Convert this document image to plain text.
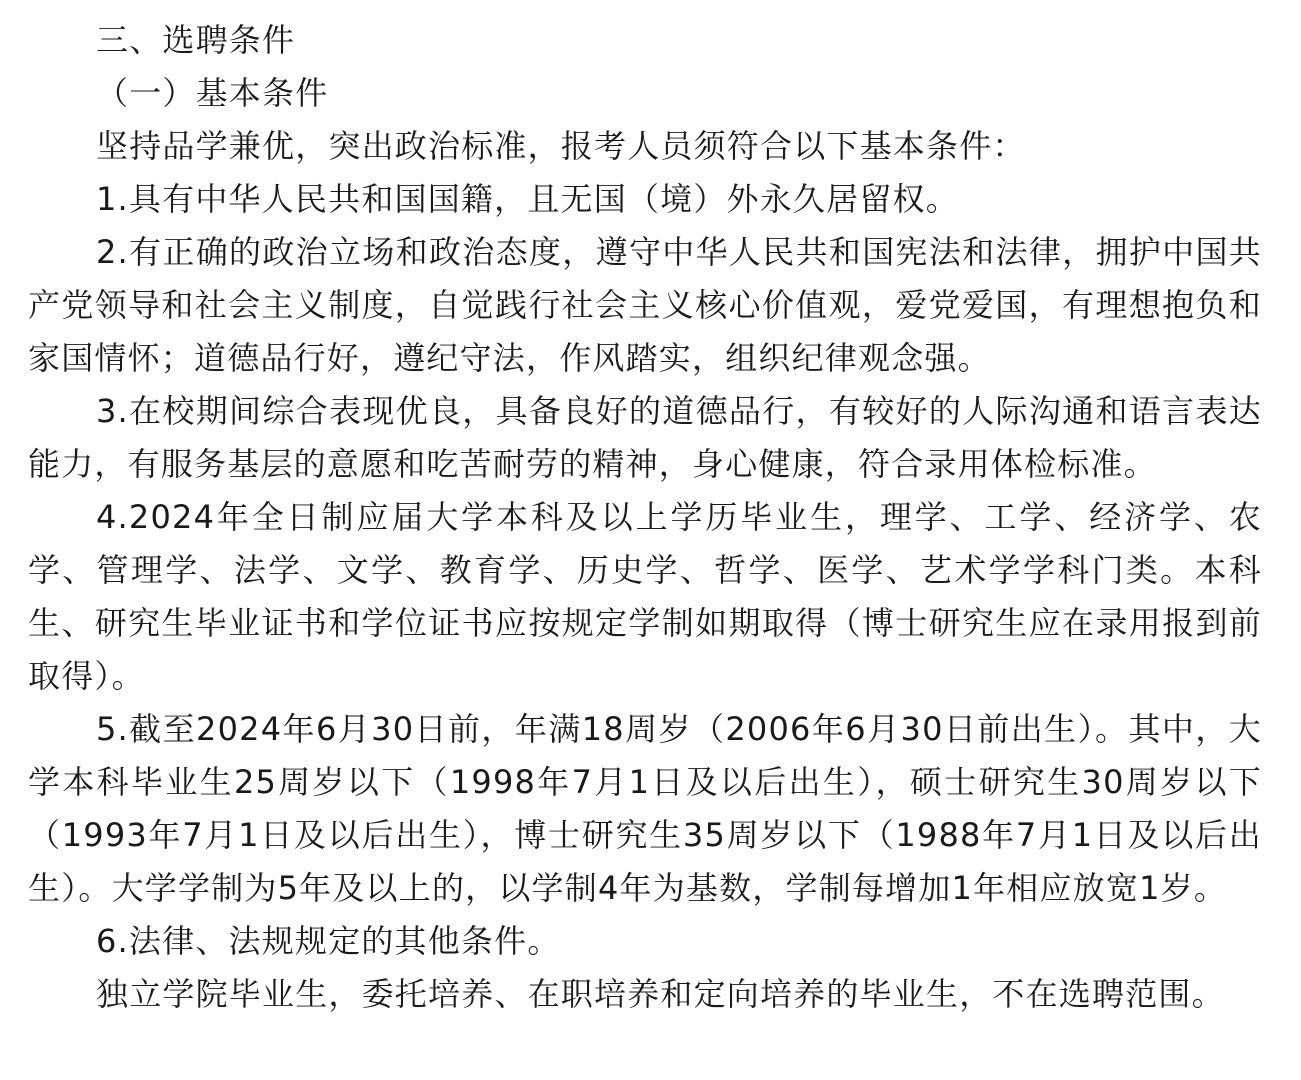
三、选聘条件

（一）基本条件

坚持品学兼优，突出政治标准，报考人员须符合以下基本条件：

1.具有中华人民共和国国籍，且无国（境）外永久居留权。

2.有正确的政治立场和政治态度，遵守中华人民共和国宪法和法律，拥护中国共产党领导和社会主义制度，自觉践行社会主义核心价值观，爱党爱国，有理想抱负和家国情怀；道德品行好，遵纪守法，作风踏实，组织纪律观念强。

3.在校期间综合表现优良，具备良好的道德品行，有较好的人际沟通和语言表达能力，有服务基层的意愿和吃苦耐劳的精神，身心健康，符合录用体检标准。

4.2024年全日制应届大学本科及以上学历毕业生，理学、工学、经济学、农学、管理学、法学、文学、教育学、历史学、哲学、医学、艺术学学科门类。本科生、研究生毕业证书和学位证书应按规定学制如期取得（博士研究生应在录用报到前取得）。

5.截至2024年6月30日前，年满18周岁（2006年6月30日前出生）。其中，大学本科毕业生25周岁以下（1998年7月1日及以后出生），硕士研究生30周岁以下（1993年7月1日及以后出生），博士研究生35周岁以下（1988年7月1日及以后出生）。大学学制为5年及以上的，以学制4年为基数，学制每增加1年相应放宽1岁。

6.法律、法规规定的其他条件。

独立学院毕业生，委托培养、在职培养和定向培养的毕业生，不在选聘范围。
